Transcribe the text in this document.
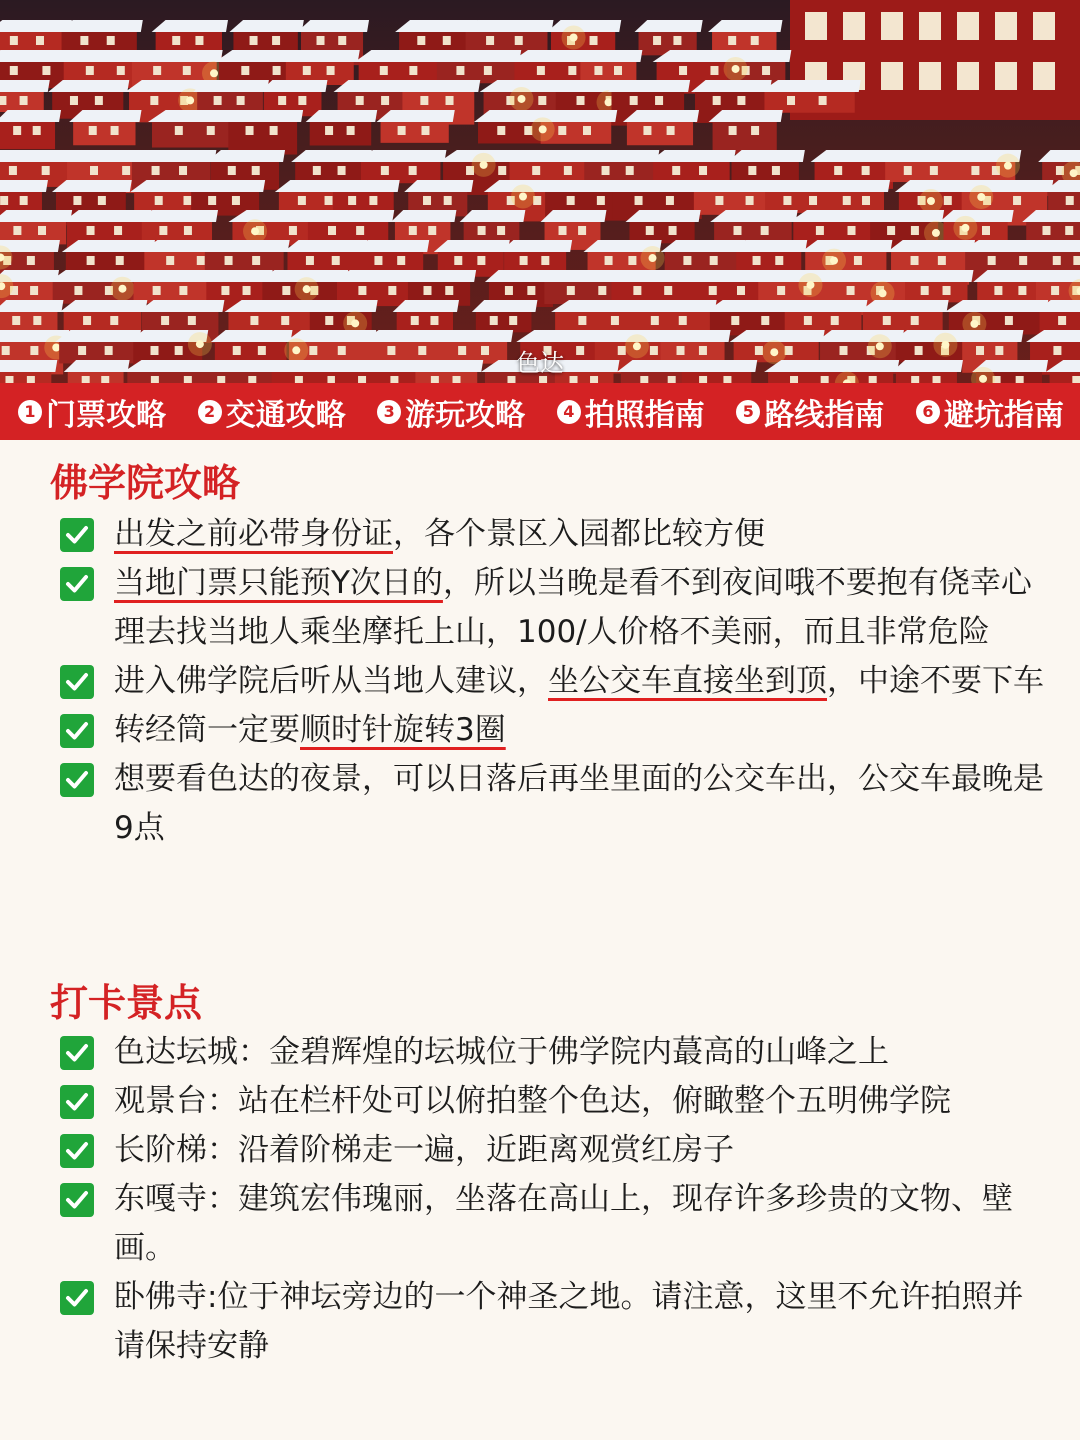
色达
1 门票攻略	2 交通攻略	3 游玩攻略	4 拍照指南	5 路线指南	6 避坑指南
佛学院攻略
出发之前必带身份证，各个景区入园都比较方便
当地门票只能预Y次日的，所以当晚是看不到夜间哦不要抱有侥幸心理去找当地人乘坐摩托上山，100/人价格不美丽，而且非常危险
进入佛学院后听从当地人建议，坐公交车直接坐到顶，中途不要下车
转经筒一定要顺时针旋转3圈
想要看色达的夜景，可以日落后再坐里面的公交车出，公交车最晚是9点
打卡景点
色达坛城：金碧辉煌的坛城位于佛学院内蕞高的山峰之上
观景台：站在栏杆处可以俯拍整个色达，俯瞰整个五明佛学院
长阶梯：沿着阶梯走一遍，近距离观赏红房子
东嘎寺：建筑宏伟瑰丽，坐落在高山上，现存许多珍贵的文物、壁画。
卧佛寺:位于神坛旁边的一个神圣之地。请注意，这里不允许拍照并请保持安静
